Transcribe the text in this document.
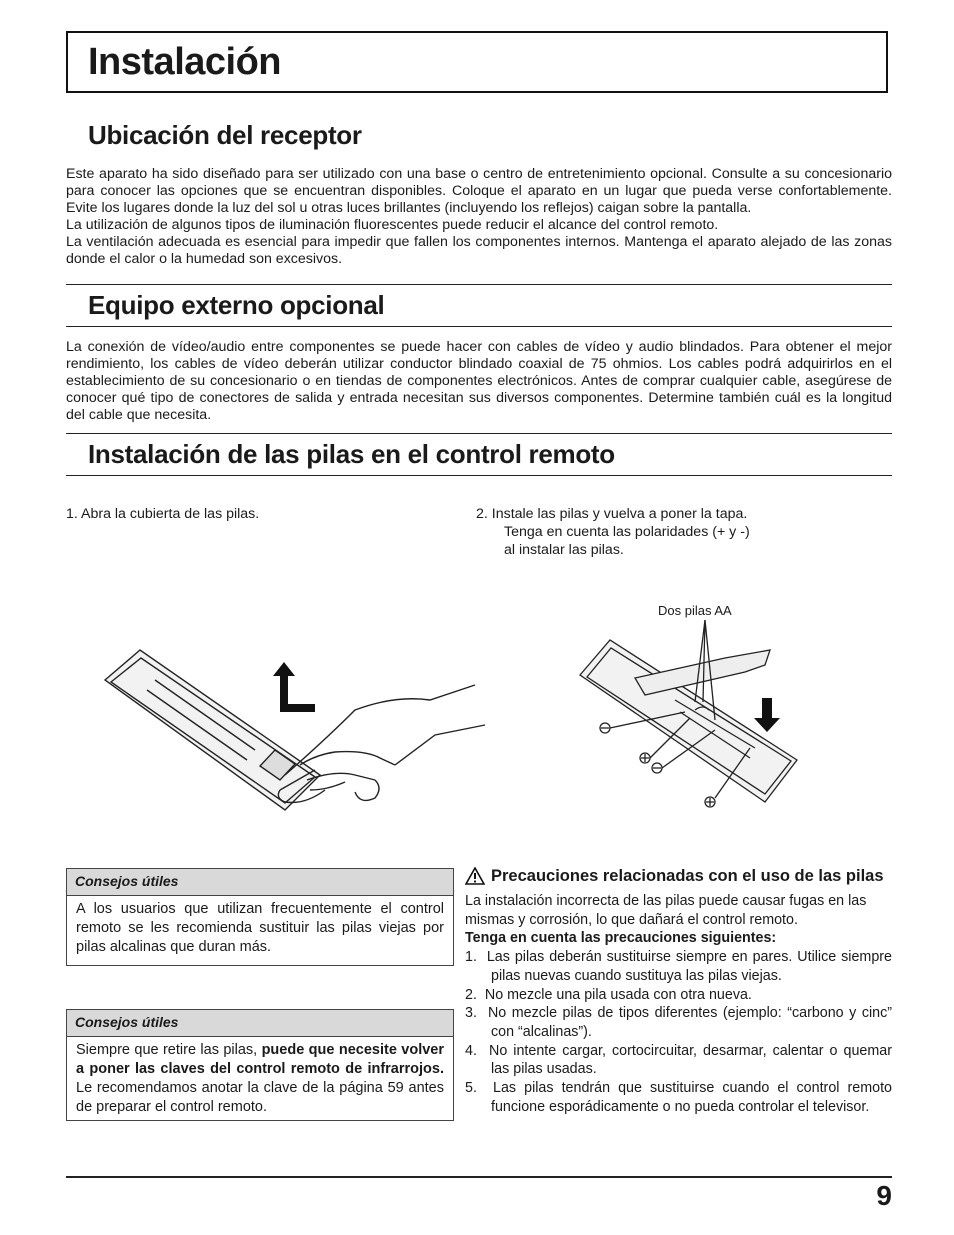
Instalación
Ubicación del receptor

Este aparato ha sido diseñado para ser utilizado con una base o centro de entretenimiento opcional. Consulte a su concesionario para conocer las opciones que se encuentran disponibles. Coloque el aparato en un lugar que pueda verse confortablemente. Evite los lugares donde la luz del sol u otras luces brillantes (incluyendo los reflejos) caigan sobre la pantalla.

La utilización de algunos tipos de iluminación fluorescentes puede reducir el alcance del control remoto.

La ventilación adecuada es esencial para impedir que fallen los componentes internos. Mantenga el aparato alejado de las zonas donde el calor o la humedad son excesivos.

Equipo externo opcional
La conexión de vídeo/audio entre componentes se puede hacer con cables de vídeo y audio blindados. Para obtener el mejor rendimiento, los cables de vídeo deberán utilizar conductor blindado coaxial de 75 ohmios. Los cables podrá adquirirlos en el establecimiento de su concesionario o en tiendas de componentes electrónicos. Antes de comprar cualquier cable, asegúrese de conocer qué tipo de conectores de salida y entrada necesitan sus diversos componentes. Determine también cuál es la longitud del cable que necesita.
Instalación de las pilas en el control remoto
1. Abra la cubierta de las pilas.	2. Instale las pilas y vuelva a poner la tapa.
Tenga en cuenta las polaridades (+ y -)
al instalar las pilas.
Dos pilas AA
Consejos útiles
A los usuarios que utilizan frecuentemente el control remoto se les recomienda sustituir las pilas viejas por pilas alcalinas que duran más.
Consejos útiles
Siempre que retire las pilas, puede que necesite volver a poner las claves del control remoto de infrarrojos. Le recomendamos anotar la clave de la página 59 antes de preparar el control remoto.
Precauciones relacionadas con el uso de las pilas

La instalación incorrecta de las pilas puede causar fugas en las mismas y corrosión, lo que dañará el control remoto.

Tenga en cuenta las precauciones siguientes:

1.  Las pilas deberán sustituirse siempre en pares. Utilice siempre pilas nuevas cuando sustituya las pilas viejas.
2.  No mezcle una pila usada con otra nueva.
3.  No mezcle pilas de tipos diferentes (ejemplo: “carbono y cinc” con “alcalinas”).
4.  No intente cargar, cortocircuitar, desarmar, calentar o quemar las pilas usadas.
5.  Las pilas tendrán que sustituirse cuando el control remoto funcione esporádicamente o no pueda controlar el televisor.
9
